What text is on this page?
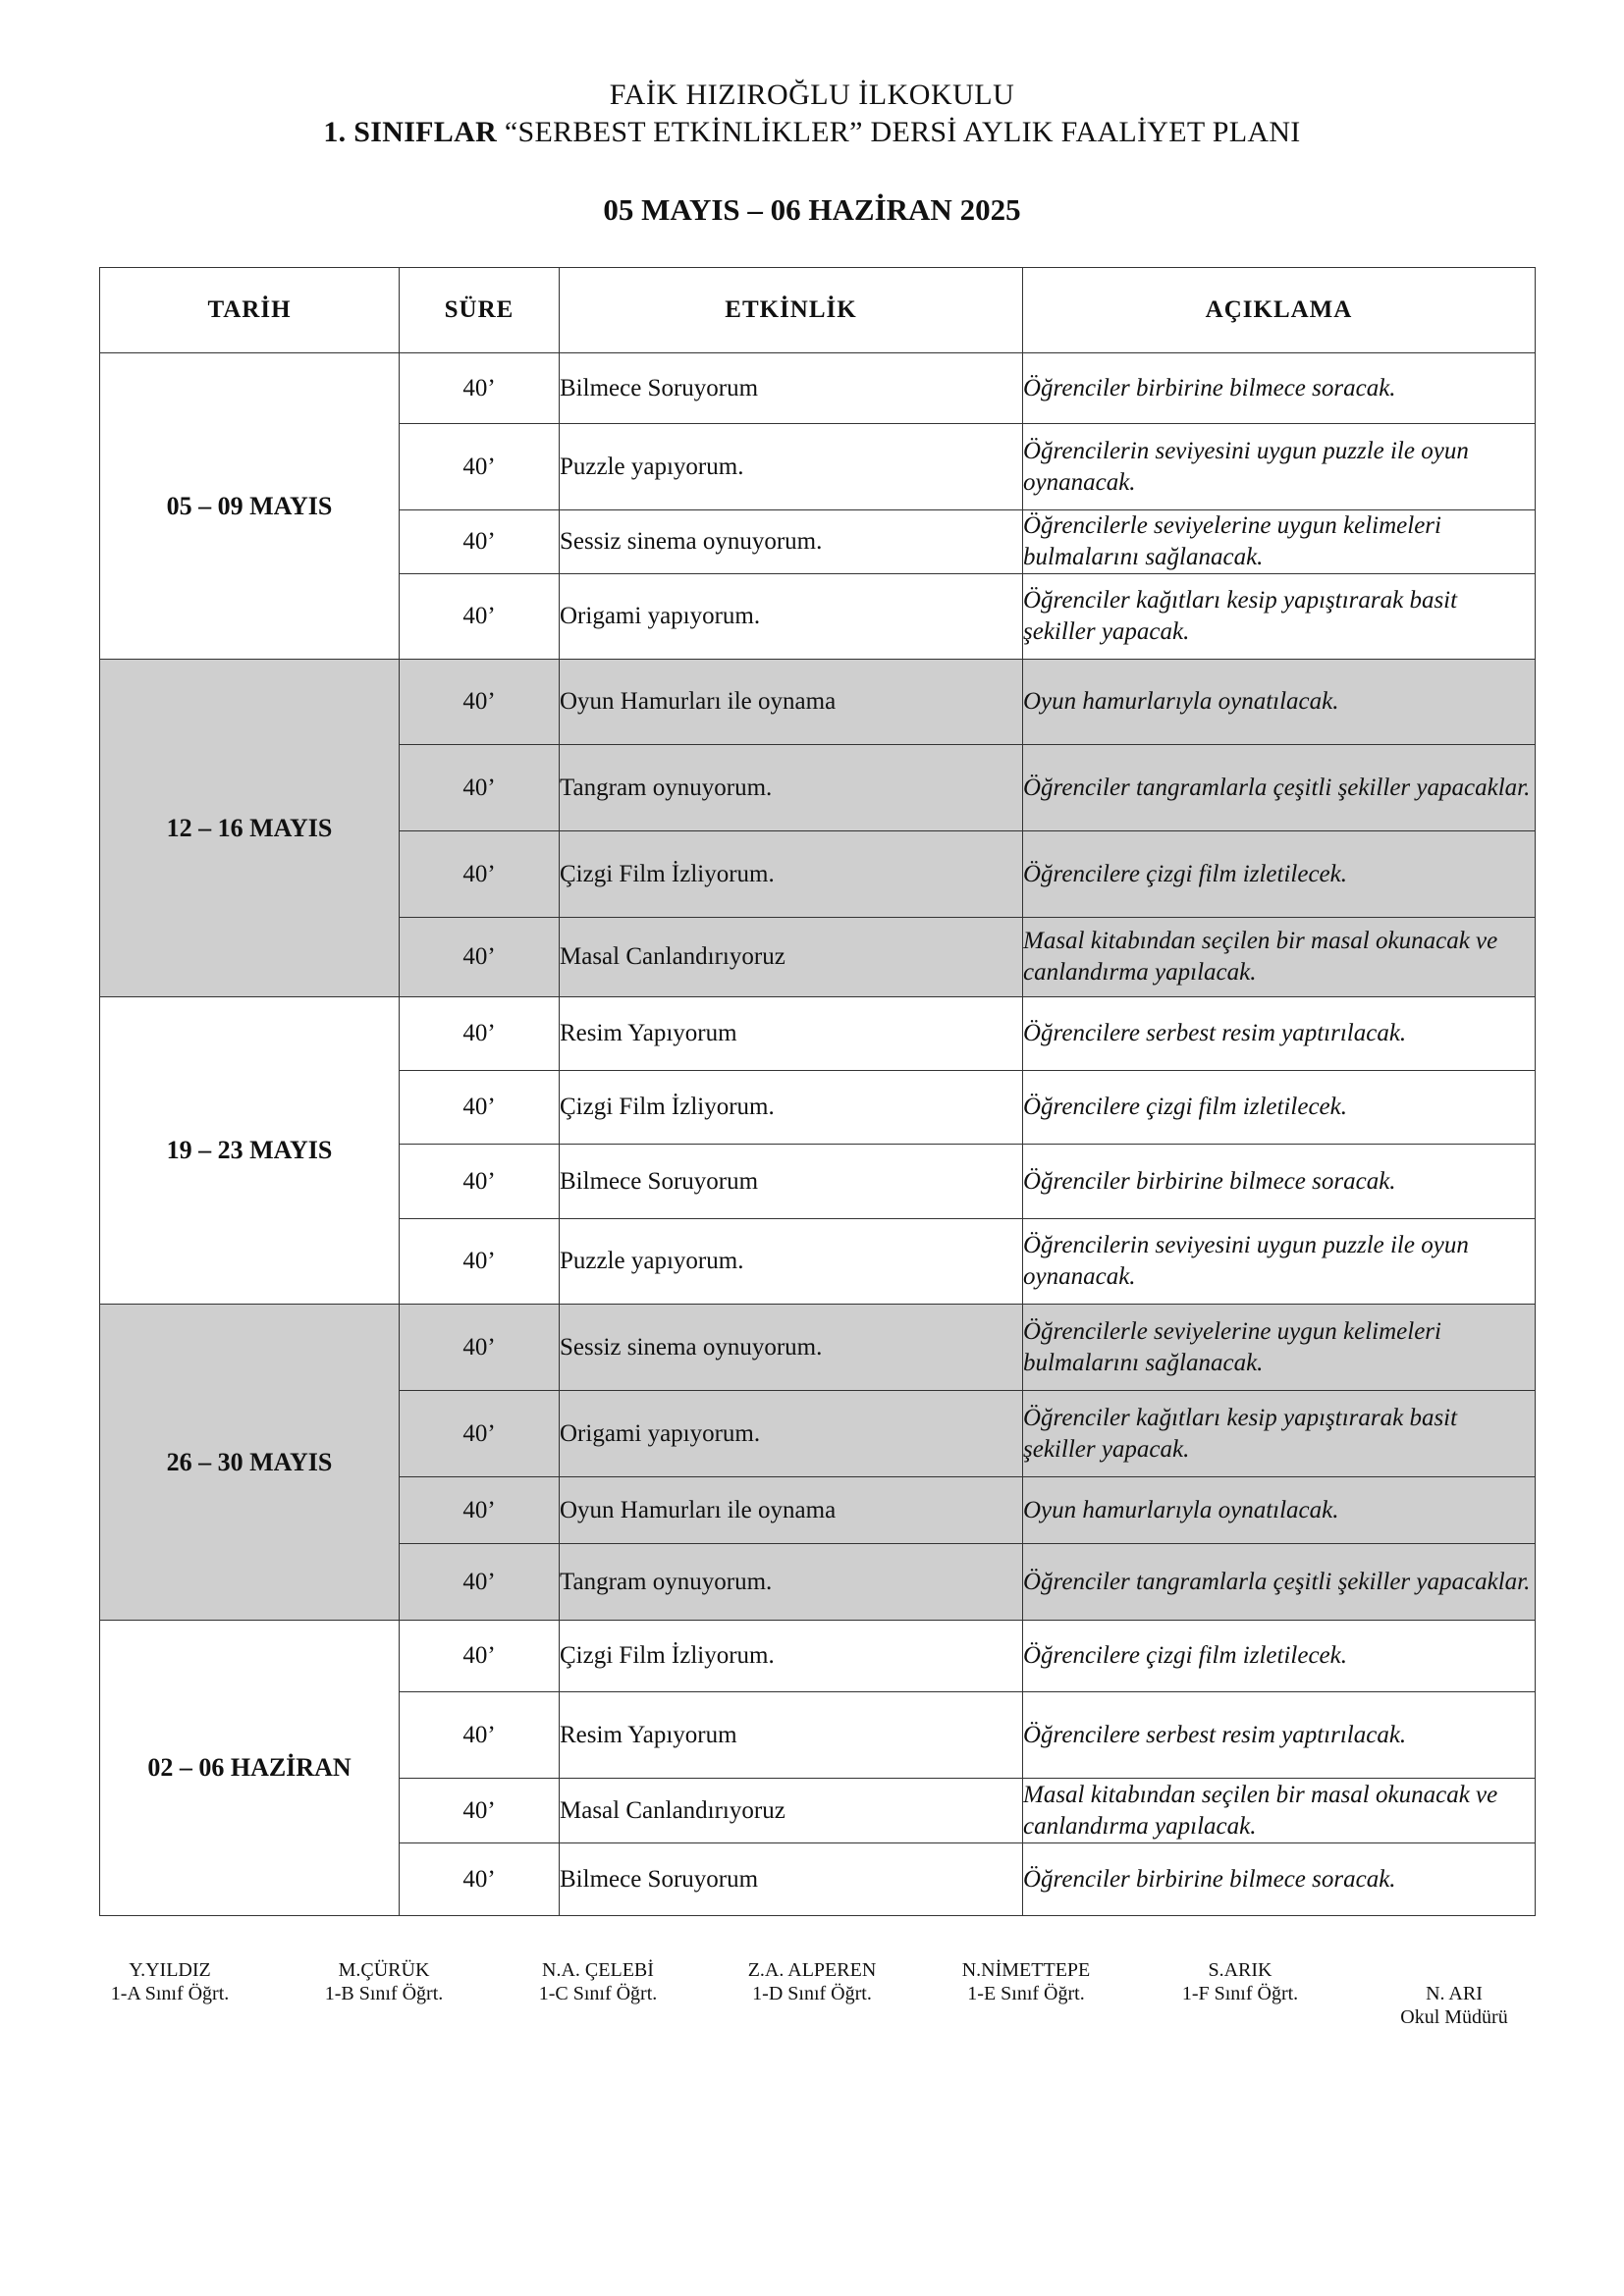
FAİK HIZIROĞLU İLKOKULU
1. SINIFLAR “SERBEST ETKİNLİKLER” DERSİ AYLIK FAALİYET PLANI
05 MAYIS – 06 HAZİRAN 2025
TARİH	SÜRE	ETKİNLİK	AÇIKLAMA
05 – 09 MAYIS	40’	Bilmece Soruyorum	Öğrenciler birbirine bilmece soracak.
	40’	Puzzle yapıyorum.	Öğrencilerin seviyesini uygun puzzle ile oyun oynanacak.
	40’	Sessiz sinema oynuyorum.	Öğrencilerle seviyelerine uygun kelimeleri bulmalarını sağlanacak.
	40’	Origami yapıyorum.	Öğrenciler kağıtları kesip yapıştırarak basit şekiller yapacak.
12 – 16 MAYIS	40’	Oyun Hamurları ile oynama	Oyun hamurlarıyla oynatılacak.
	40’	Tangram oynuyorum.	Öğrenciler tangramlarla çeşitli şekiller yapacaklar.
	40’	Çizgi Film İzliyorum.	Öğrencilere çizgi film izletilecek.
	40’	Masal Canlandırıyoruz	Masal kitabından seçilen bir masal okunacak ve canlandırma yapılacak.
19 – 23 MAYIS	40’	Resim Yapıyorum	Öğrencilere serbest resim yaptırılacak.
	40’	Çizgi Film İzliyorum.	Öğrencilere çizgi film izletilecek.
	40’	Bilmece Soruyorum	Öğrenciler birbirine bilmece soracak.
	40’	Puzzle yapıyorum.	Öğrencilerin seviyesini uygun puzzle ile oyun oynanacak.
26 – 30 MAYIS	40’	Sessiz sinema oynuyorum.	Öğrencilerle seviyelerine uygun kelimeleri bulmalarını sağlanacak.
	40’	Origami yapıyorum.	Öğrenciler kağıtları kesip yapıştırarak basit şekiller yapacak.
	40’	Oyun Hamurları ile oynama	Oyun hamurlarıyla oynatılacak.
	40’	Tangram oynuyorum.	Öğrenciler tangramlarla çeşitli şekiller yapacaklar.
02 – 06 HAZİRAN	40’	Çizgi Film İzliyorum.	Öğrencilere çizgi film izletilecek.
	40’	Resim Yapıyorum	Öğrencilere serbest resim yaptırılacak.
	40’	Masal Canlandırıyoruz	Masal kitabından seçilen bir masal okunacak ve canlandırma yapılacak.
	40’	Bilmece Soruyorum	Öğrenciler birbirine bilmece soracak.
Y.YILDIZ
1-A Sınıf Öğrt.
M.ÇÜRÜK
1-B Sınıf Öğrt.
N.A. ÇELEBİ
1-C Sınıf Öğrt.
Z.A. ALPEREN
1-D Sınıf Öğrt.
N.NİMETTEPE
1-E Sınıf Öğrt.
S.ARIK
1-F Sınıf Öğrt.	N. ARI
Okul Müdürü
